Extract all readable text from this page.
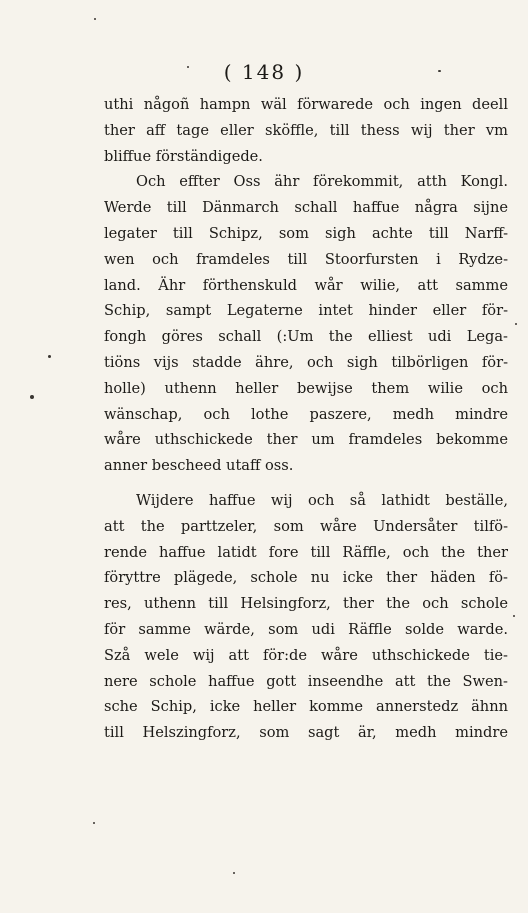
( 148 )
uthi någoñ hampn wäl förwarede och ingen deell
ther aff tage eller sköffle, till thess wij ther vm
bliffue förständigede.
Och effter Oss ähr förekommit, atth Kongl.
Werde till Dänmarch schall haffue några sijne
legater till Schipz, som sigh achte till Narff-
wen och framdeles till Stoorfursten i Rydze-
land. Ähr förthenskuld wår wilie, att samme
Schip, sampt Legaterne intet hinder eller för-
fongh göres schall (:Um the elliest udi Lega-
tiöns vijs stadde ähre, och sigh tilbörligen för-
holle) uthenn heller bewijse them wilie och
wänschap, och lothe paszere, medh mindre
wåre uthschickede ther um framdeles bekomme
anner bescheed utaff oss.
Wijdere haffue wij och så lathidt beställe,
att the parttzeler, som wåre Undersåter tilfö-
rende haffue latidt fore till Räffle, och the ther
föryttre plägede, schole nu icke ther häden fö-
res, uthenn till Helsingforz, ther the och schole
för samme wärde, som udi Räffle solde warde.
Szå wele wij att för:de wåre uthschickede tie-
nere schole haffue gott inseendhe att the Swen-
sche Schip, icke heller komme annerstedz ähnn
till Helszingforz, som sagt är, medh mindre
